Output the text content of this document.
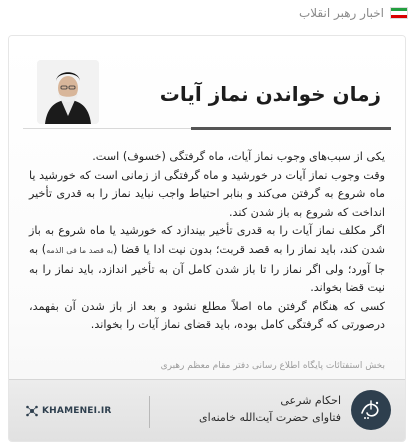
اخبار رهبر انقلاب
زمان خواندن نماز آیات

یکی از سبب‌های وجوب نماز آیات، ماه گرفتگی (خسوف) است.

وقت وجوب نماز آیات در خورشید و ماه گرفتگی از زمانی است که خورشید یا ماه شروع به گرفتن می‌کند و بنابر احتیاط واجب نباید نماز را به قدری تأخیر انداخت که شروع به باز شدن کند.

اگر مکلف نماز آیات را به قدری تأخیر بیندازد که خورشید یا ماه شروع به باز شدن کند، باید نماز را به قصد قربت؛ بدون نیت ادا یا قضا (به قصد ما فی الذمه) به جا آورد؛ ولی اگر نماز را تا باز شدن کامل آن به تأخیر اندازد، باید نماز را به نیت قضا بخواند.

کسی که هنگام گرفتن ماه اصلاً مطلع نشود و بعد از باز شدن آن بفهمد، درصورتی که گرفتگی کامل بوده، باید قضای نماز آیات را بخواند.

بخش استفتائات پایگاه اطلاع رسانی دفتر مقام معظم رهبری
احکام شرعی
فتاوای حضرت آیت‌الله خامنه‌ای
KHAMENEI.IR
